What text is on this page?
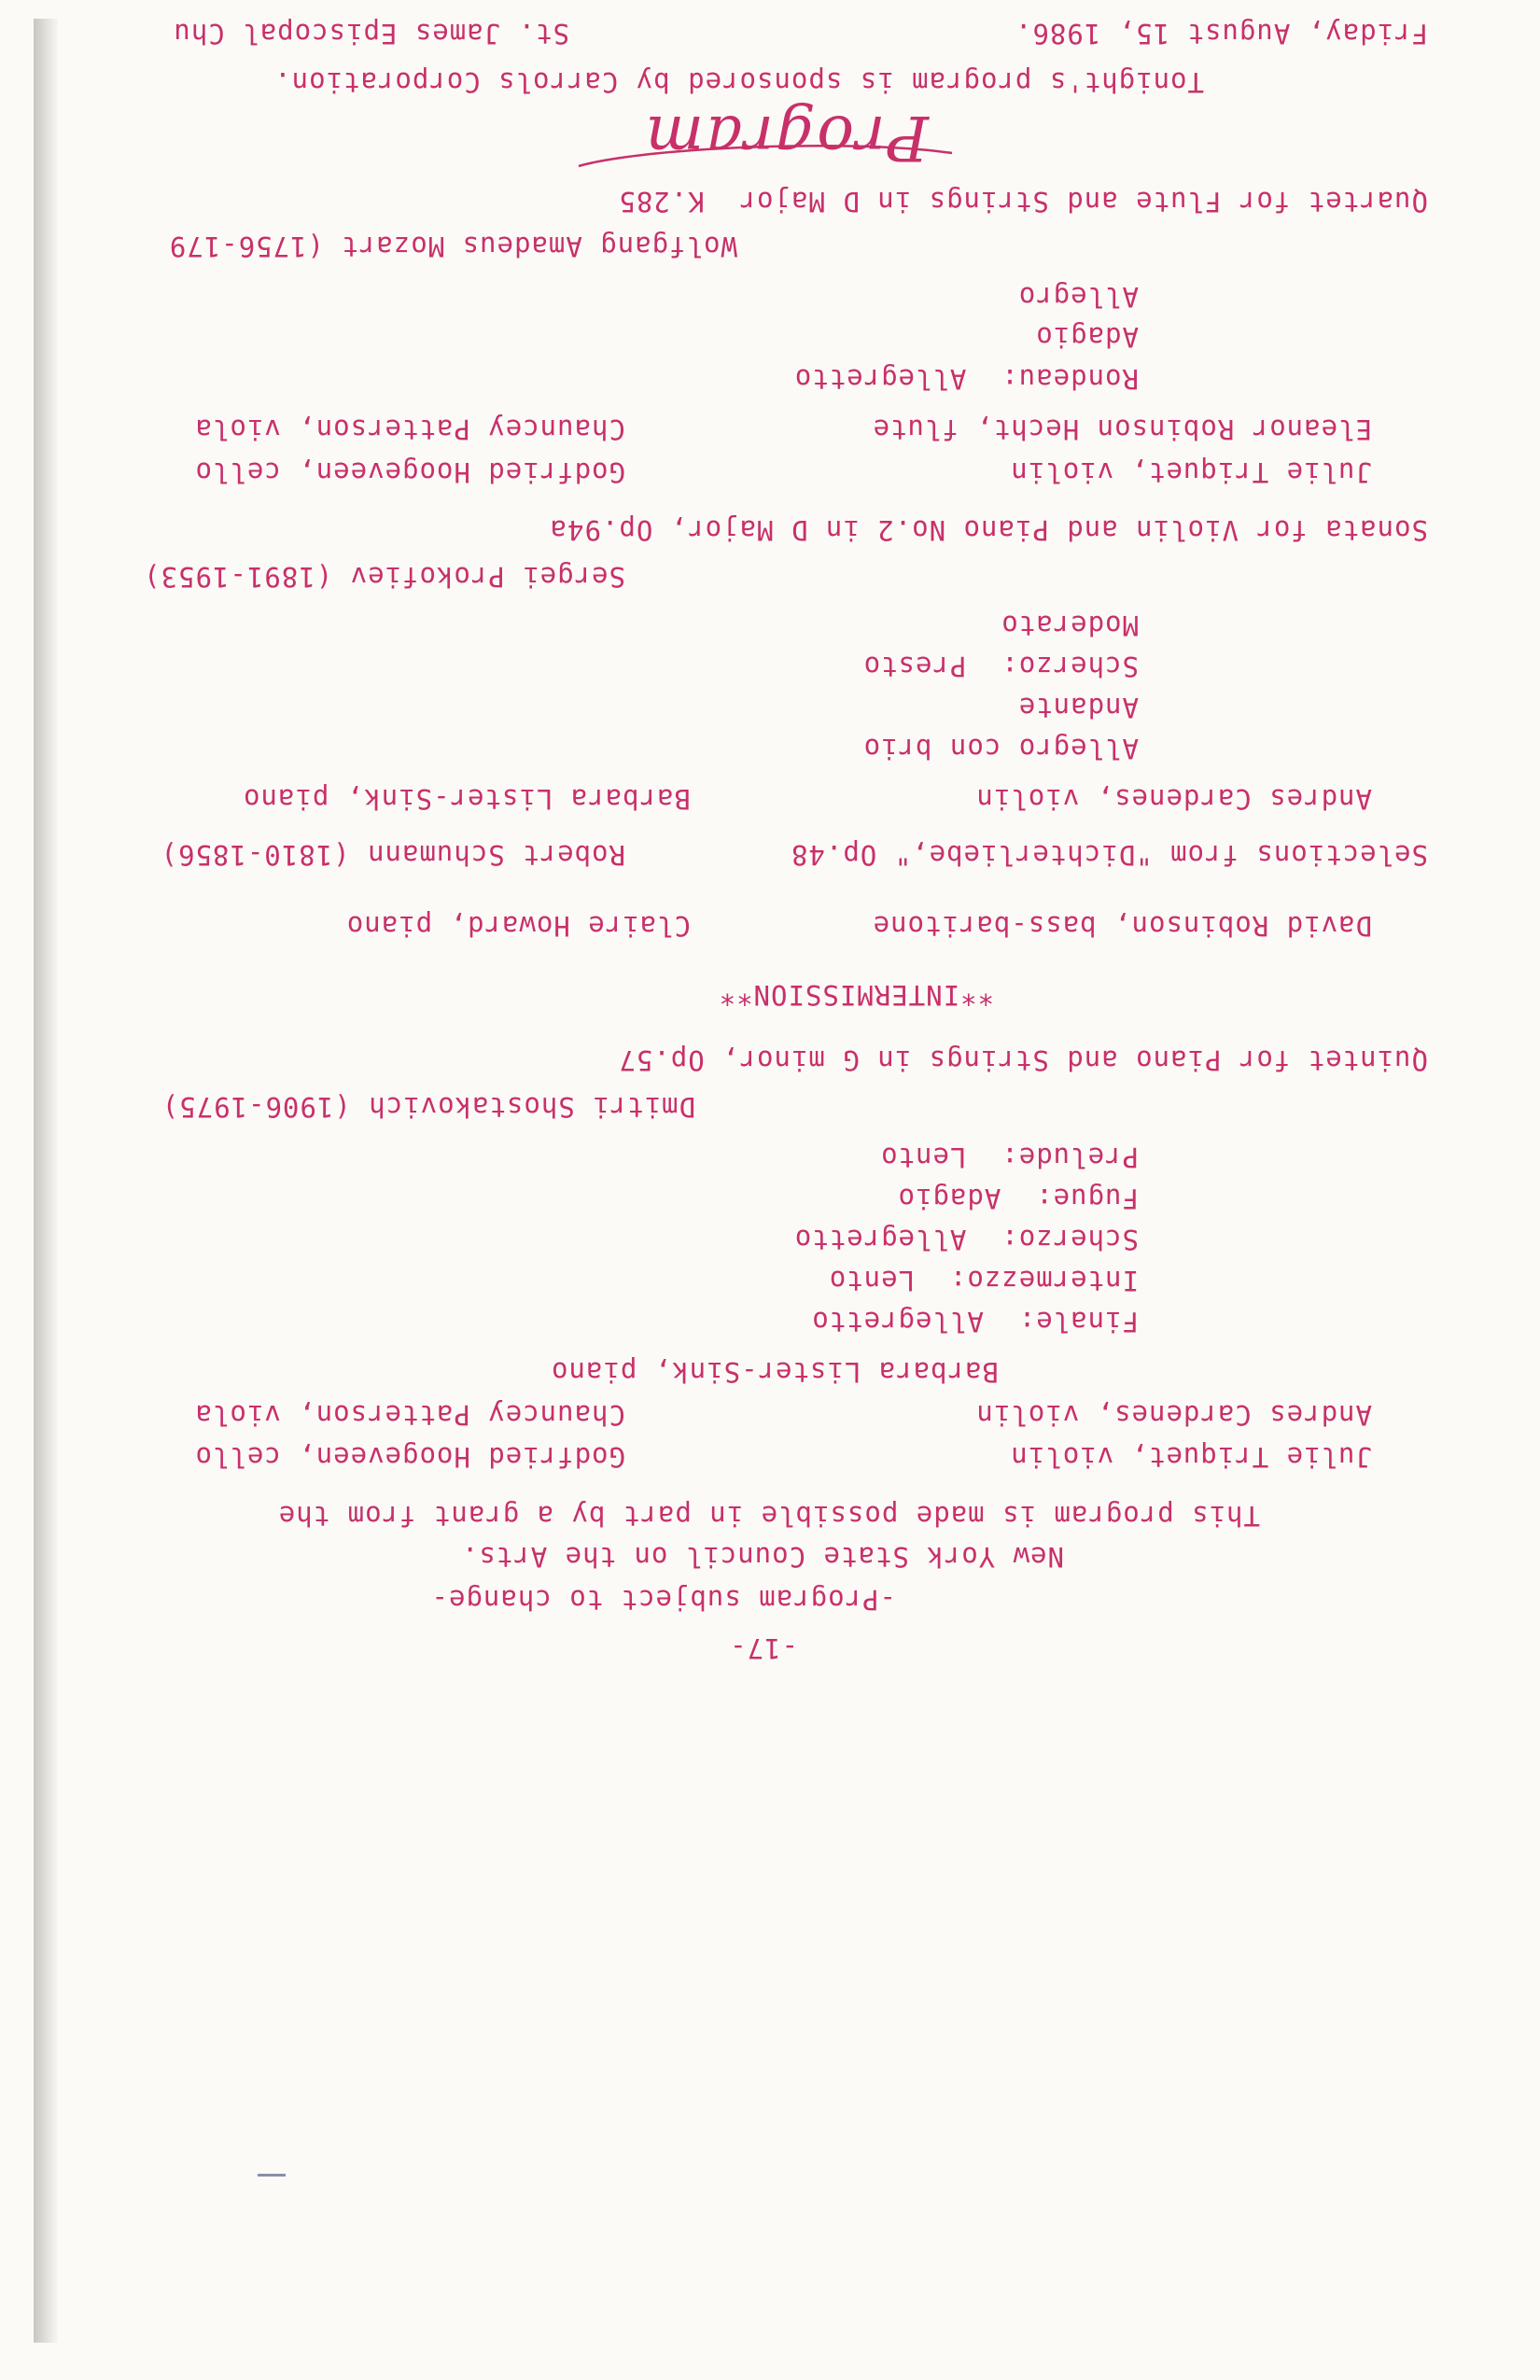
Friday, August 15, 1986.
St. James Episcopal Chu
Tonight's program is sponsored by Carrols Corporation.
Program
Quartet for Flute and Strings in D Major  K.285
Wolfgang Amadeus Mozart (1756-179
Allegro
Adagio
Rondeau:  Allegretto
Eleanor Robinson Hecht, flute
Chauncey Patterson, viola
Julie Triquet, violin
Godfried Hoogeveen, cello
Sonata for Violin and Piano No.2 in D Major, Op.94a
Sergei Prokofiev (1891-1953)
Moderato
Scherzo:  Presto
Andante
Allegro con brio
Andres Cardenes, violin
Barbara Lister-Sink, piano
Selections from "Dichterliebe," Op.48
Robert Schumann (1810-1856)
David Robinson, bass-baritone
Claire Howard, piano
**INTERMISSION**
Quintet for Piano and Strings in G minor, Op.57
Dmitri Shostakovich (1906-1975)
Prelude:  Lento
Fugue:  Adagio
Scherzo:  Allegretto
Intermezzo:  Lento
Finale:  Allegretto
Barbara Lister-Sink, piano
Andres Cardenes, violin
Chauncey Patterson, viola
Julie Triquet, violin
Godfried Hoogeveen, cello
This program is made possible in part by a grant from the
New York State Council on the Arts.
-Program subject to change-
-17-
